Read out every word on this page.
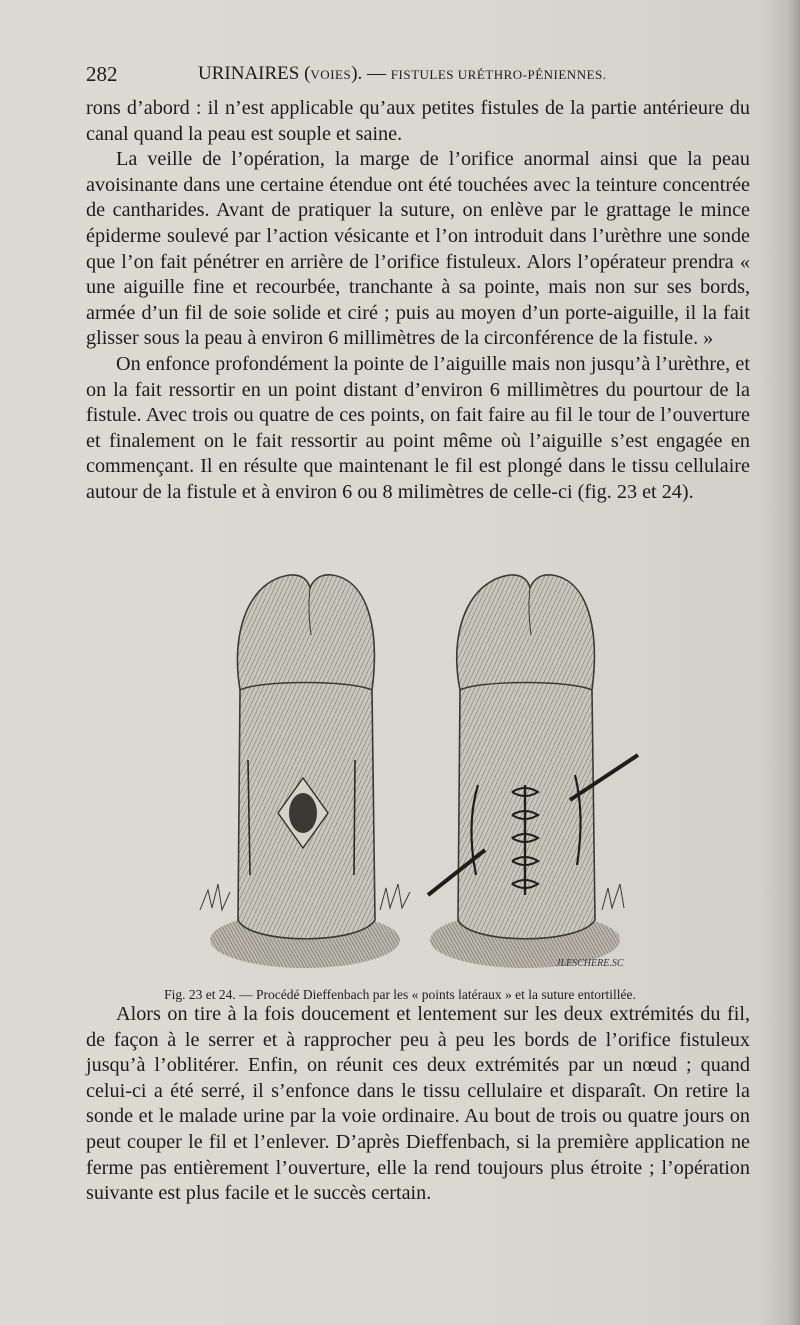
282	URINAIRES (VOIES). — FISTULES URÉTHRO-PÉNIENNES.

rons d’abord : il n’est applicable qu’aux petites fistules de la partie antérieure du canal quand la peau est souple et saine.

La veille de l’opération, la marge de l’orifice anormal ainsi que la peau avoisinante dans une certaine étendue ont été touchées avec la teinture concentrée de cantharides. Avant de pratiquer la suture, on enlève par le grattage le mince épiderme soulevé par l’action vésicante et l’on introduit dans l’urèthre une sonde que l’on fait pénétrer en arrière de l’orifice fistuleux. Alors l’opérateur prendra « une aiguille fine et recourbée, tranchante à sa pointe, mais non sur ses bords, armée d’un fil de soie solide et ciré ; puis au moyen d’un porte-aiguille, il la fait glisser sous la peau à environ 6 millimètres de la circonférence de la fistule. »

On enfonce profondément la pointe de l’aiguille mais non jusqu’à l’urèthre, et on la fait ressortir en un point distant d’environ 6 millimètres du pourtour de la fistule. Avec trois ou quatre de ces points, on fait faire au fil le tour de l’ouverture et finalement on le fait ressortir au point même où l’aiguille s’est engagée en commençant. Il en résulte que maintenant le fil est plongé dans le tissu cellulaire autour de la fistule et à environ 6 ou 8 milimètres de celle-ci (fig. 23 et 24).

JLESCHERE.SC
Fig. 23 et 24. — Procédé Dieffenbach par les « points latéraux » et la suture entortillée.

Alors on tire à la fois doucement et lentement sur les deux extrémités du fil, de façon à le serrer et à rapprocher peu à peu les bords de l’orifice fistuleux jusqu’à l’oblitérer. Enfin, on réunit ces deux extrémités par un nœud ; quand celui-ci a été serré, il s’enfonce dans le tissu cellulaire et disparaît. On retire la sonde et le malade urine par la voie ordinaire. Au bout de trois ou quatre jours on peut couper le fil et l’enlever. D’après Dieffenbach, si la première application ne ferme pas entièrement l’ouverture, elle la rend toujours plus étroite ; l’opération suivante est plus facile et le succès certain.
